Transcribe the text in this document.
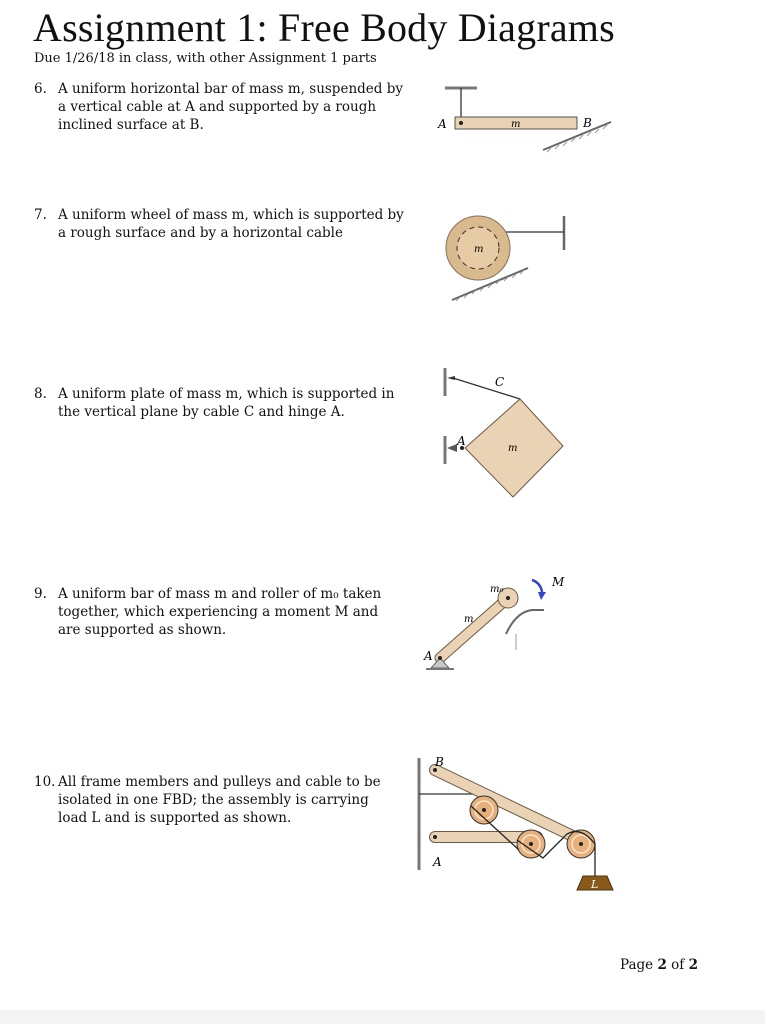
Assignment 1: Free Body Diagrams
Due 1/26/18 in class, with other Assignment 1 parts
6. A uniform horizontal bar of mass m, suspended by
a vertical cable at A and supported by a rough
inclined surface at B.
7. A uniform wheel of mass m, which is supported by
a rough surface and by a horizontal cable
8. A uniform plate of mass m, which is supported in
the vertical plane by cable C and hinge A.
9. A uniform bar of mass m and roller of m₀ taken
together, which experiencing a moment M and
are supported as shown.
10. All frame members and pulleys and cable to be
isolated in one FBD; the assembly is carrying
load L and is supported as shown.
A	m	B
m
C
A
m
m₀
M
m
A
B
A
L
Page 2 of 2
